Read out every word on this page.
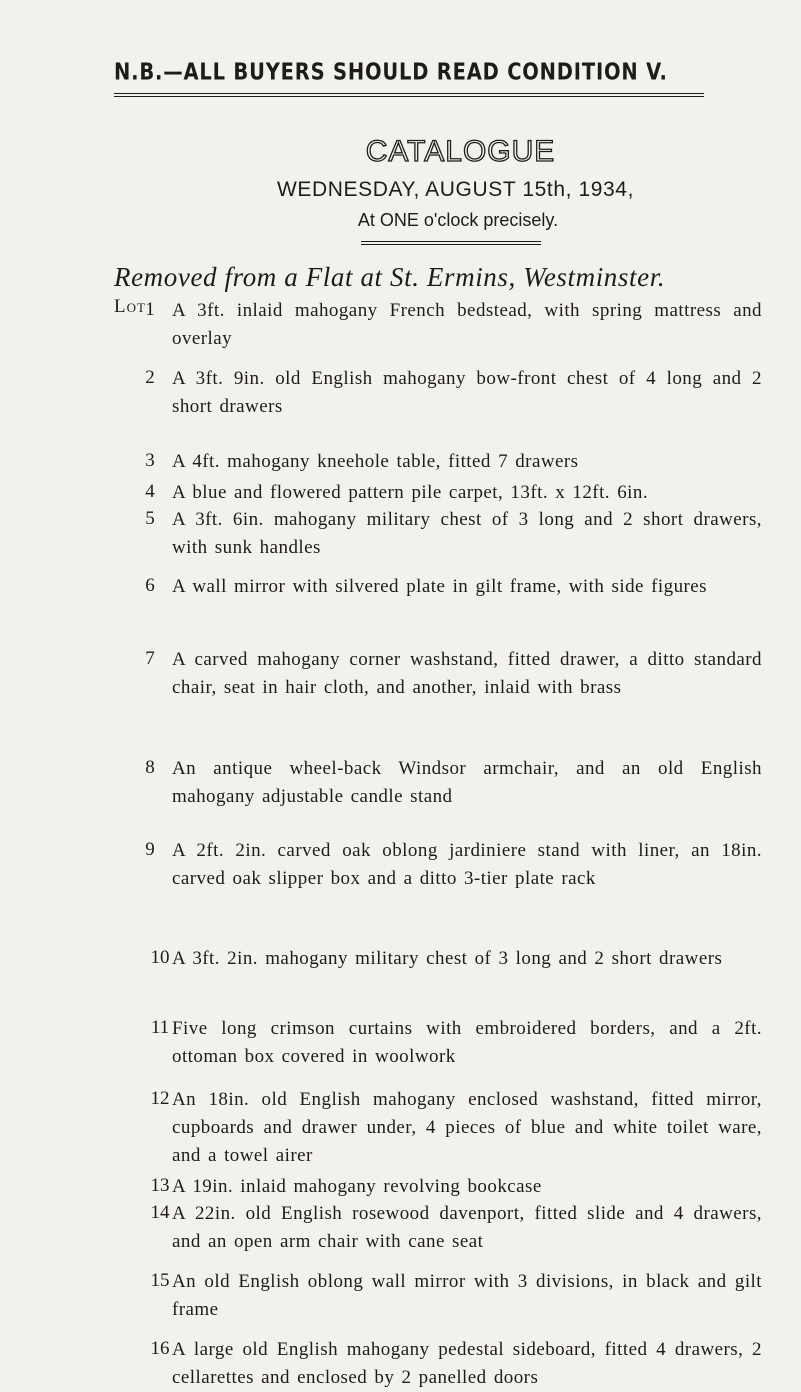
N.B.—ALL BUYERS SHOULD READ CONDITION V.
CATALOGUE
WEDNESDAY, AUGUST 15th, 1934,
At ONE o'clock precisely.
Removed from a Flat at St. Ermins, Westminster.
Lot 1 A 3ft. inlaid mahogany French bedstead, with spring mattress and overlay
2 A 3ft. 9in. old English mahogany bow-front chest of 4 long and 2 short drawers
3 A 4ft. mahogany kneehole table, fitted 7 drawers
4 A blue and flowered pattern pile carpet, 13ft. x 12ft. 6in.
5 A 3ft. 6in. mahogany military chest of 3 long and 2 short drawers, with sunk handles
6 A wall mirror with silvered plate in gilt frame, with side figures
7 A carved mahogany corner washstand, fitted drawer, a ditto standard chair, seat in hair cloth, and another, inlaid with brass
8 An antique wheel-back Windsor armchair, and an old English mahogany adjustable candle stand
9 A 2ft. 2in. carved oak oblong jardiniere stand with liner, an 18in. carved oak slipper box and a ditto 3-tier plate rack
10 A 3ft. 2in. mahogany military chest of 3 long and 2 short drawers
11 Five long crimson curtains with embroidered borders, and a 2ft. ottoman box covered in woolwork
12 An 18in. old English mahogany enclosed washstand, fitted mirror, cupboards and drawer under, 4 pieces of blue and white toilet ware, and a towel airer
13 A 19in. inlaid mahogany revolving bookcase
14 A 22in. old English rosewood davenport, fitted slide and 4 drawers, and an open arm chair with cane seat
15 An old English oblong wall mirror with 3 divisions, in black and gilt frame
16 A large old English mahogany pedestal sideboard, fitted 4 drawers, 2 cellarettes and enclosed by 2 panelled doors
